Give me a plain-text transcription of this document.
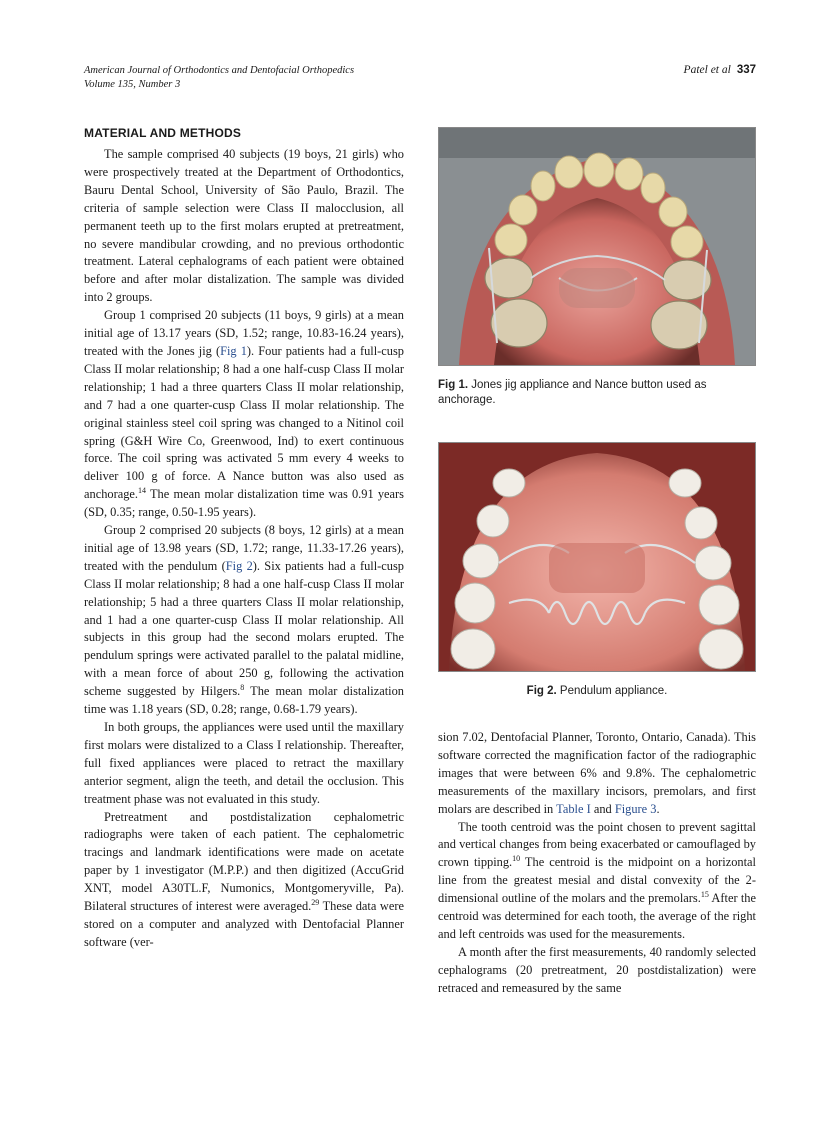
American Journal of Orthodontics and Dentofacial Orthopedics
Volume 135, Number 3
Patel et al 337
MATERIAL AND METHODS

The sample comprised 40 subjects (19 boys, 21 girls) who were prospectively treated at the Department of Orthodontics, Bauru Dental School, University of São Paulo, Brazil. The criteria of sample selection were Class II malocclusion, all permanent teeth up to the first molars erupted at pretreatment, no severe mandibular crowding, and no previous orthodontic treatment. Lateral cephalograms of each patient were obtained before and after molar distalization. The sample was divided into 2 groups.

Group 1 comprised 20 subjects (11 boys, 9 girls) at a mean initial age of 13.17 years (SD, 1.52; range, 10.83-16.24 years), treated with the Jones jig (Fig 1). Four patients had a full-cusp Class II molar relationship; 8 had a one half-cusp Class II molar relationship; 1 had a three quarters Class II molar relationship, and 7 had a one quarter-cusp Class II molar relationship. The original stainless steel coil spring was changed to a Nitinol coil spring (G&H Wire Co, Greenwood, Ind) to exert continuous force. The coil spring was activated 5 mm every 4 weeks to deliver 100 g of force. A Nance button was also used as anchorage.$^{14}$ The mean molar distalization time was 0.91 years (SD, 0.35; range, 0.50-1.95 years).

Group 2 comprised 20 subjects (8 boys, 12 girls) at a mean initial age of 13.98 years (SD, 1.72; range, 11.33-17.26 years), treated with the pendulum (Fig 2). Six patients had a full-cusp Class II molar relationship; 8 had a one half-cusp Class II molar relationship; 5 had a three quarters Class II molar relationship, and 1 had a one quarter-cusp Class II molar relationship. All subjects in this group had the second molars erupted. The pendulum springs were activated parallel to the palatal midline, with a mean force of about 250 g, following the activation scheme suggested by Hilgers.$^8$ The mean molar distalization time was 1.18 years (SD, 0.28; range, 0.68-1.79 years).

In both groups, the appliances were used until the maxillary first molars were distalized to a Class I relationship. Thereafter, full fixed appliances were placed to retract the maxillary anterior segment, align the teeth, and detail the occlusion. This treatment phase was not evaluated in this study.

Pretreatment and postdistalization cephalometric radiographs were taken of each patient. The cephalometric tracings and landmark identifications were made on acetate paper by 1 investigator (M.P.P.) and then digitized (AccuGrid XNT, model A30TL.F, Numonics, Montgomeryville, Pa). Bilateral structures of interest were averaged.$^{29}$ These data were stored on a computer and analyzed with Dentofacial Planner software (ver-

Fig 1. Jones jig appliance and Nance button used as anchorage.
Fig 2. Pendulum appliance.

sion 7.02, Dentofacial Planner, Toronto, Ontario, Canada). This software corrected the magnification factor of the radiographic images that were between 6% and 9.8%. The cephalometric measurements of the maxillary incisors, premolars, and first molars are described in Table I and Figure 3.

The tooth centroid was the point chosen to prevent sagittal and vertical changes from being exacerbated or camouflaged by crown tipping.$^{10}$ The centroid is the midpoint on a horizontal line from the greatest mesial and distal convexity of the 2-dimensional outline of the molars and the premolars.$^{15}$ After the centroid was determined for each tooth, the average of the right and left centroids was used for the measurements.

A month after the first measurements, 40 randomly selected cephalograms (20 pretreatment, 20 postdistalization) were retraced and remeasured by the same
